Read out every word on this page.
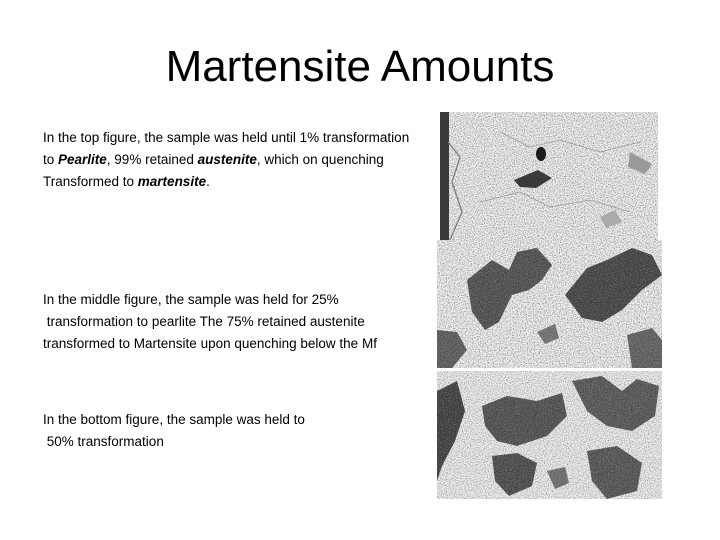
Martensite Amounts
In the top figure, the sample was held until 1% transformation
to Pearlite, 99% retained austenite, which on quenching
Transformed to martensite.
In the middle figure, the sample was held for 25%
transformation to pearlite The 75% retained austenite
transformed to Martensite upon quenching below the Mf
In the bottom figure, the sample was held to
50% transformation
